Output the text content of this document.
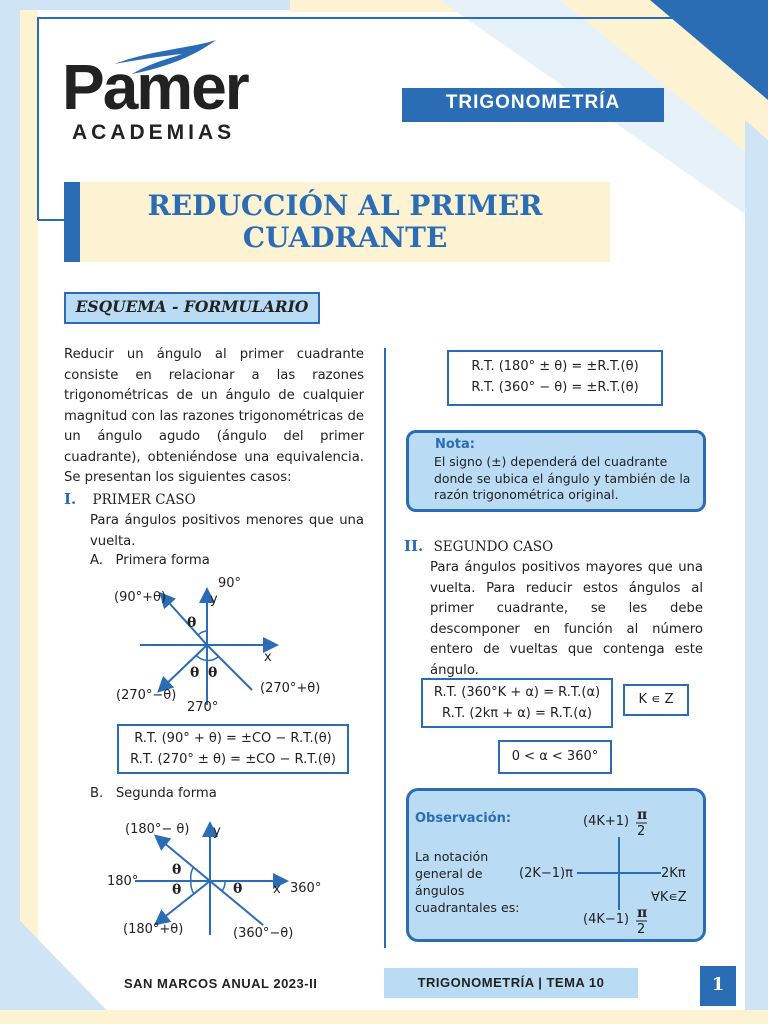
Pamer
ACADEMIAS
TRIGONOMETRÍA
REDUCCIÓN AL PRIMER
CUADRANTE
ESQUEMA - FORMULARIO

Reducir un ángulo al primer cuadrante consiste en relacionar a las razones trigonométricas de un ángulo de cualquier magnitud con las razones trigonométricas de un ángulo agudo (ángulo del primer cuadrante), obteniéndose una equivalencia. Se presentan los siguientes casos:

I. PRIMER CASO

Para ángulos positivos menores que una vuelta.

A.   Primera forma
90°
y
x
(90°+θ)
θ
θ θ
(270°−θ)	(270°+θ)
270°
R.T. (90° + θ) = ±CO − R.T.(θ)
R.T. (270° ± θ) = ±CO − R.T.(θ)
B.   Segunda forma
(180°− θ) y
180°
x 360°
θ
θ	θ
(180°+θ)	(360°−θ)
R.T. (180° ± θ) = ±R.T.(θ)
R.T. (360° − θ) = ±R.T.(θ)
Nota:
El signo (±) dependerá del cuadrante donde se ubica el ángulo y también de la razón trigonométrica original.
II. SEGUNDO CASO

Para ángulos positivos mayores que una vuelta. Para reducir estos ángulos al primer cuadrante, se les debe descomponer en función al número entero de vueltas que contenga este ángulo.

R.T. (360°K + α) = R.T.(α)
R.T. (2kπ + α) = R.T.(α)
K ∊ Z
0 < α < 360°
Observación:
La notación general de ángulos cuadrantales es:
(4K+1) π
2
(2K−1)π	2Kπ
∀K∊Z
(4K−1) π
2
SAN MARCOS ANUAL 2023-II	TRIGONOMETRÍA | TEMA 10	1
